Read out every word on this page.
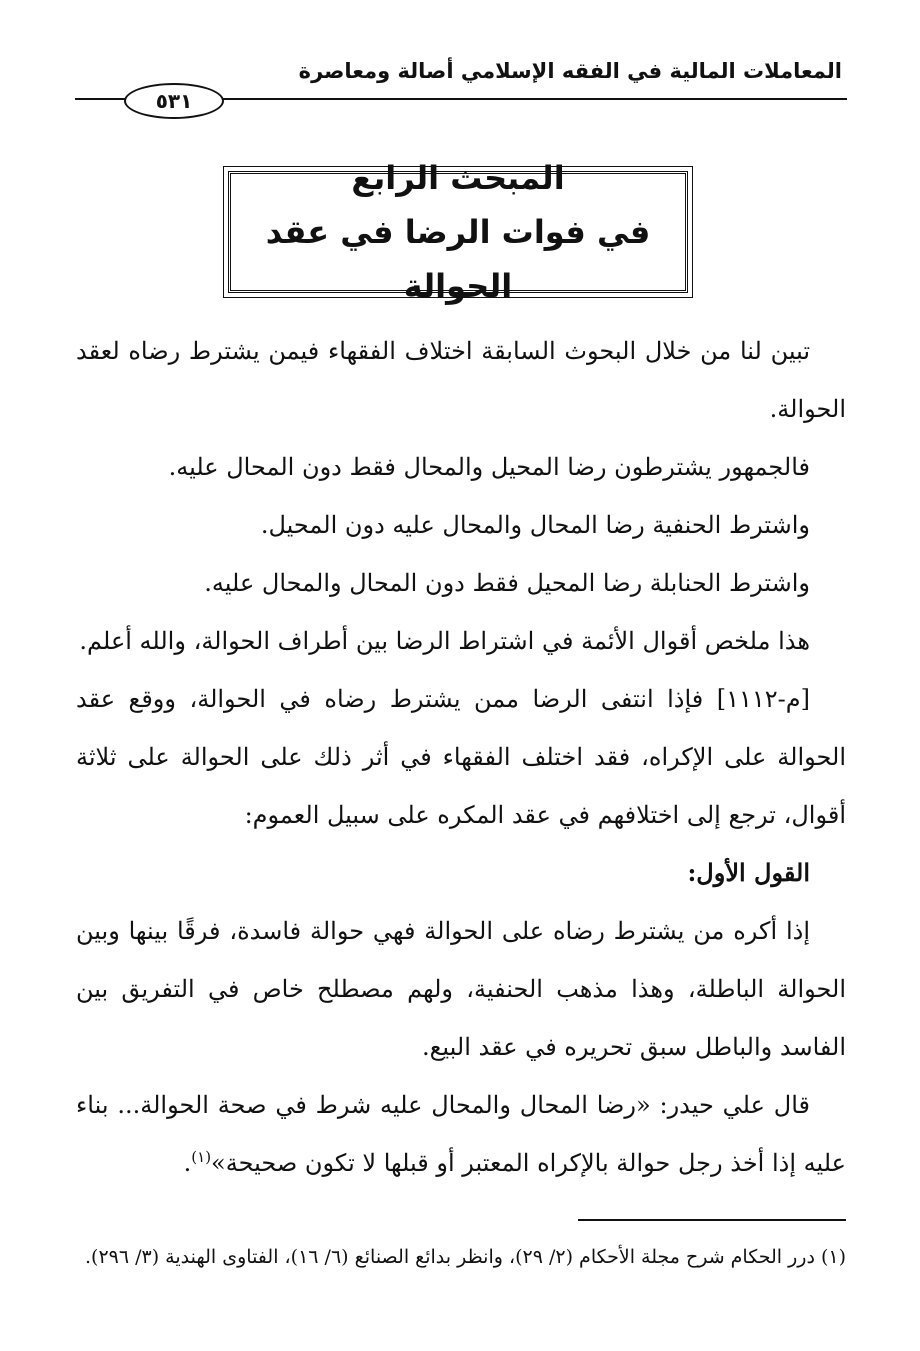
المعاملات المالية في الفقه الإسلامي أصالة ومعاصرة
٥٣١
المبحث الرابع
في فوات الرضا في عقد الحوالة

تبين لنا من خلال البحوث السابقة اختلاف الفقهاء فيمن يشترط رضاه لعقد الحوالة.

فالجمهور يشترطون رضا المحيل والمحال فقط دون المحال عليه.

واشترط الحنفية رضا المحال والمحال عليه دون المحيل.

واشترط الحنابلة رضا المحيل فقط دون المحال والمحال عليه.

هذا ملخص أقوال الأئمة في اشتراط الرضا بين أطراف الحوالة، والله أعلم.

[م-١١١٢] فإذا انتفى الرضا ممن يشترط رضاه في الحوالة، ووقع عقد الحوالة على الإكراه، فقد اختلف الفقهاء في أثر ذلك على الحوالة على ثلاثة أقوال، ترجع إلى اختلافهم في عقد المكره على سبيل العموم:

القول الأول:

إذا أكره من يشترط رضاه على الحوالة فهي حوالة فاسدة، فرقًا بينها وبين الحوالة الباطلة، وهذا مذهب الحنفية، ولهم مصطلح خاص في التفريق بين الفاسد والباطل سبق تحريره في عقد البيع.

قال علي حيدر: «رضا المحال والمحال عليه شرط في صحة الحوالة... بناء عليه إذا أخذ رجل حوالة بالإكراه المعتبر أو قبلها لا تكون صحيحة»$^{(١)}$.

(١) درر الحكام شرح مجلة الأحكام (٢/ ٢٩)، وانظر بدائع الصنائع (٦/ ١٦)، الفتاوى الهندية (٣/ ٢٩٦).
